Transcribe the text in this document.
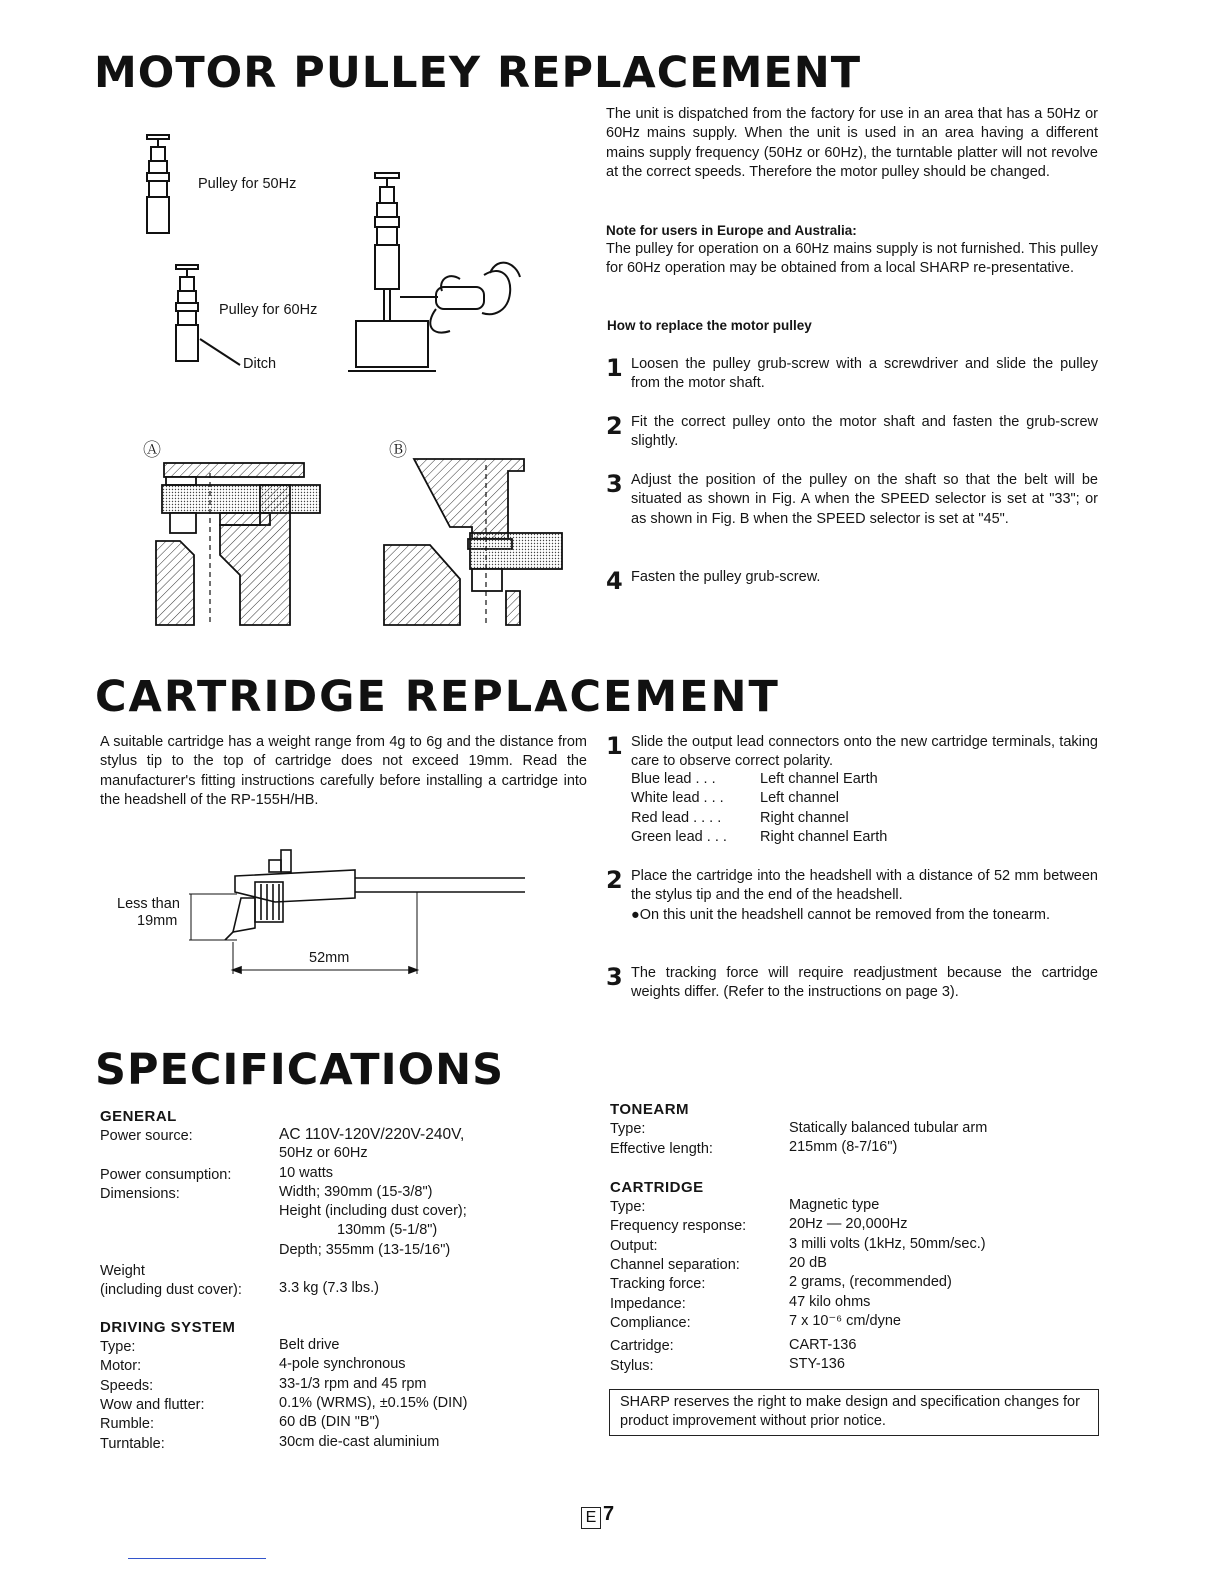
MOTOR PULLEY REPLACEMENT
Pulley for 50Hz
Pulley for 60Hz
Ditch
Ⓐ	Ⓑ
The unit is dispatched from the factory for use in an area that has a 50Hz or 60Hz mains supply. When the unit is used in an area having a different mains supply frequency (50Hz or 60Hz), the turntable platter will not revolve at the correct speeds. Therefore the motor pulley should be changed.
Note for users in Europe and Australia:
The pulley for operation on a 60Hz mains supply is not furnished. This pulley for 60Hz operation may be obtained from a local SHARP re-presentative.
How to replace the motor pulley
1 Loosen the pulley grub-screw with a screwdriver and slide the pulley from the motor shaft.
2 Fit the correct pulley onto the motor shaft and fasten the grub-screw slightly.
3 Adjust the position of the pulley on the shaft so that the belt will be situated as shown in Fig. A when the SPEED selector is set at "33"; or as shown in Fig. B when the SPEED selector is set at "45".
4 Fasten the pulley grub-screw.
CARTRIDGE REPLACEMENT
A suitable cartridge has a weight range from 4g to 6g and the distance from stylus tip to the top of cartridge does not exceed 19mm. Read the manufacturer's fitting instructions carefully before installing a cartridge into the headshell of the RP-155H/HB.
Less than
19mm
52mm
1 Slide the output lead connectors onto the new cartridge terminals, taking care to observe correct polarity.
Blue lead . . .	Left channel Earth
White lead . . .	Left channel
Red lead . . . .	Right channel
Green lead . . . Right channel Earth
2 Place the cartridge into the headshell with a distance of 52 mm between the stylus tip and the end of the headshell.
●On this unit the headshell cannot be removed from the tonearm.
3 The tracking force will require readjustment because the cartridge weights differ. (Refer to the instructions on page 3).
SPECIFICATIONS
GENERAL
Power source:	AC 110V-120V/220V-240V,
50Hz or 60Hz
Power consumption:	10 watts
Dimensions:	Width; 390mm (15-3/8")
Height (including dust cover);
130mm (5-1/8")
Depth; 355mm (13-15/16")
Weight
(including dust cover):	3.3 kg (7.3 lbs.)
DRIVING SYSTEM
Type:	Belt drive
Motor:	4-pole synchronous
Speeds:	33-1/3 rpm and 45 rpm
Wow and flutter:	0.1% (WRMS), ±0.15% (DIN)
Rumble:	60 dB (DIN "B")
Turntable:	30cm die-cast aluminium
TONEARM
Type:	Statically balanced tubular arm
Effective length:	215mm (8-7/16")
CARTRIDGE
Type:	Magnetic type
Frequency response:	20Hz — 20,000Hz
Output:	3 milli volts (1kHz, 50mm/sec.)
Channel separation:	20 dB
Tracking force:	2 grams, (recommended)
Impedance:	47 kilo ohms
Compliance:	7 x 10⁻⁶ cm/dyne
Cartridge:	CART-136
Stylus:	STY-136
SHARP reserves the right to make design and specification changes for product improvement without prior notice.
E 7
